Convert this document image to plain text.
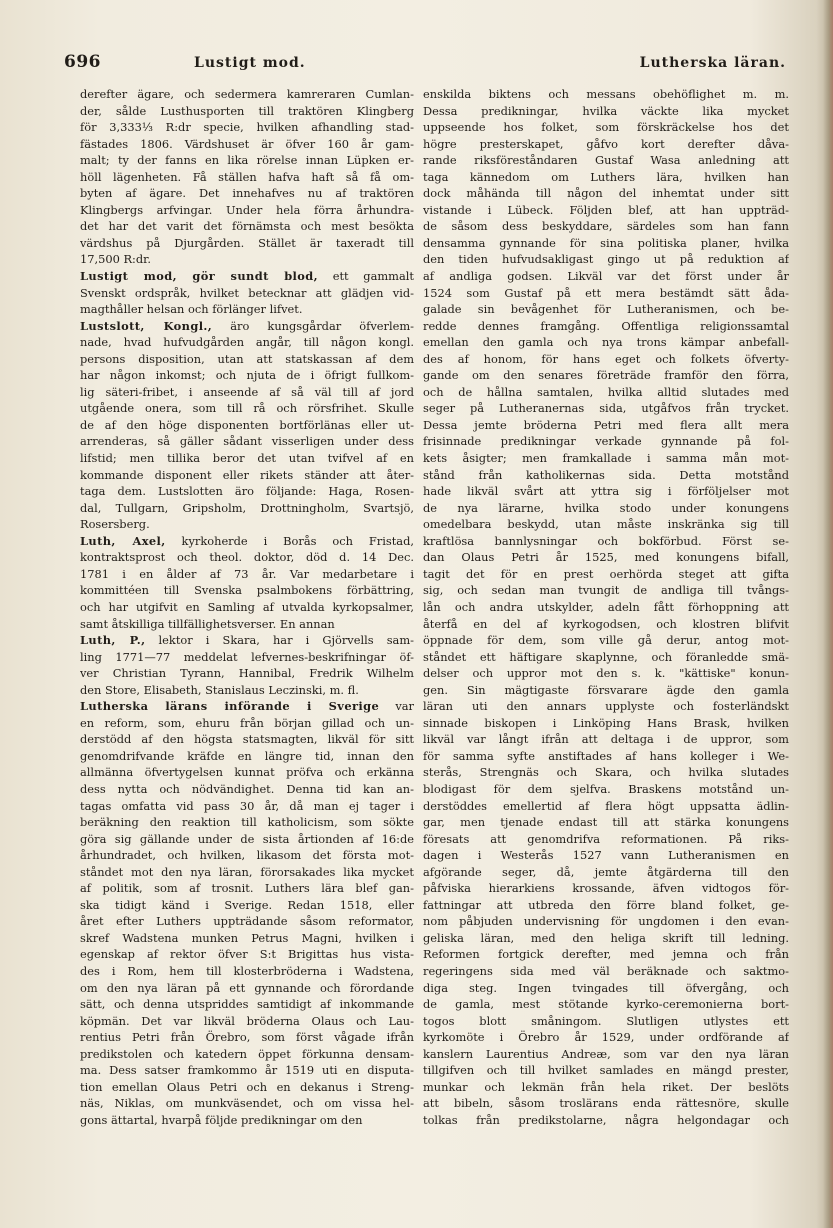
696	Lustigt mod.	Lutherska läran.
derefter ägare, och sedermera kamreraren Cumlan-
der, sålde Lusthusporten till traktören Klingberg
för 3,333⅓ R:dr specie, hvilken afhandling stad-
fästades 1806. Värdshuset är öfver 160 år gam-
malt; ty der fanns en lika rörelse innan Lüpken er-
höll lägenheten. Få ställen hafva haft så få om-
byten af ägare. Det innehafves nu af traktören
Klingbergs arfvingar. Under hela förra århundra-
det har det varit det förnämsta och mest besökta
värdshus på Djurgården. Stället är taxeradt till
17,500 R:dr.
Lustigt mod, gör sundt blod, ett gammalt
Svenskt ordspråk, hvilket betecknar att glädjen vid-
magthåller helsan och förlänger lifvet.
Lustslott, Kongl., äro kungsgårdar öfverlem-
nade, hvad hufvudgården angår, till någon kongl.
persons disposition, utan att statskassan af dem
har någon inkomst; och njuta de i öfrigt fullkom-
lig säteri-fribet, i anseende af så väl till af jord
utgående onera, som till rå och rörsfrihet. Skulle
de af den höge disponenten bortförlänas eller ut-
arrenderas, så gäller sådant visserligen under dess
lifstid; men tillika beror det utan tvifvel af en
kommande disponent eller rikets ständer att åter-
taga dem. Lustslotten äro följande: Haga, Rosen-
dal, Tullgarn, Gripsholm, Drottningholm, Svartsjö,
Rosersberg.
Luth, Axel, kyrkoherde i Borås och Fristad,
kontraktsprost och theol. doktor, död d. 14 Dec.
1781 i en ålder af 73 år. Var medarbetare i
kommittéen till Svenska psalmbokens förbättring,
och har utgifvit en Samling af utvalda kyrkopsalmer,
samt åtskilliga tillfällighetsverser. En annan
Luth, P., lektor i Skara, har i Gjörvells sam-
ling 1771—77 meddelat lefvernes-beskrifningar öf-
ver Christian Tyrann, Hannibal, Fredrik Wilhelm
den Store, Elisabeth, Stanislaus Leczinski, m. fl.
Lutherska lärans införande i Sverige var
en reform, som, ehuru från början gillad och un-
derstödd af den högsta statsmagten, likväl för sitt
genomdrifvande kräfde en längre tid, innan den
allmänna öfvertygelsen kunnat pröfva och erkänna
dess nytta och nödvändighet. Denna tid kan an-
tagas omfatta vid pass 30 år, då man ej tager i
beräkning den reaktion till katholicism, som sökte
göra sig gällande under de sista årtionden af 16:de
århundradet, och hvilken, likasom det första mot-
ståndet mot den nya läran, förorsakades lika mycket
af politik, som af trosnit. Luthers lära blef gan-
ska tidigt känd i Sverige. Redan 1518, eller
året efter Luthers uppträdande såsom reformator,
skref Wadstena munken Petrus Magni, hvilken i
egenskap af rektor öfver S:t Brigittas hus vista-
des i Rom, hem till klosterbröderna i Wadstena,
om den nya läran på ett gynnande och förordande
sätt, och denna utspriddes samtidigt af inkommande
köpmän. Det var likväl bröderna Olaus och Lau-
rentius Petri från Örebro, som först vågade ifrån
predikstolen och katedern öppet förkunna densam-
ma. Dess satser framkommo år 1519 uti en disputa-
tion emellan Olaus Petri och en dekanus i Streng-
näs, Niklas, om munkväsendet, och om vissa hel-
gons ättartal, hvarpå följde predikningar om den
enskilda biktens och messans obehöflighet m. m.
Dessa predikningar, hvilka väckte lika mycket
uppseende hos folket, som förskräckelse hos det
högre presterskapet, gåfvo kort derefter dåva-
rande riksföreståndaren Gustaf Wasa anledning att
taga kännedom om Luthers lära, hvilken han
dock måhända till någon del inhemtat under sitt
vistande i Lübeck. Följden blef, att han uppträd-
de såsom dess beskyddare, särdeles som han fann
densamma gynnande för sina politiska planer, hvilka
den tiden hufvudsakligast gingo ut på reduktion af
af andliga godsen. Likväl var det först under år
1524 som Gustaf på ett mera bestämdt sätt åda-
galade sin bevågenhet för Lutheranismen, och be-
redde dennes framgång. Offentliga religionssamtal
emellan den gamla och nya trons kämpar anbefall-
des af honom, för hans eget och folkets öfverty-
gande om den senares företräde framför den förra,
och de hållna samtalen, hvilka alltid slutades med
seger på Lutheranernas sida, utgåfvos från trycket.
Dessa jemte bröderna Petri med flera allt mera
frisinnade predikningar verkade gynnande på fol-
kets åsigter; men framkallade i samma mån mot-
stånd från katholikernas sida. Detta motstånd
hade likväl svårt att yttra sig i förföljelser mot
de nya lärarne, hvilka stodo under konungens
omedelbara beskydd, utan måste inskränka sig till
kraftlösa bannlysningar och bokförbud. Först se-
dan Olaus Petri år 1525, med konungens bifall,
tagit det för en prest oerhörda steget att gifta
sig, och sedan man tvungit de andliga till tvångs-
lån och andra utskylder, adeln fått förhoppning att
återfå en del af kyrkogodsen, och klostren blifvit
öppnade för dem, som ville gå derur, antog mot-
ståndet ett häftigare skaplynne, och föranledde smä-
delser och uppror mot den s. k. "kättiske" konun-
gen. Sin mägtigaste försvarare ägde den gamla
läran uti den annars upplyste och fosterländskt
sinnade biskopen i Linköping Hans Brask, hvilken
likväl var långt ifrån att deltaga i de uppror, som
för samma syfte anstiftades af hans kolleger i We-
sterås, Strengnäs och Skara, och hvilka slutades
blodigast för dem sjelfva. Braskens motstånd un-
derstöddes emellertid af flera högt uppsatta ädlin-
gar, men tjenade endast till att stärka konungens
föresats att genomdrifva reformationen. På riks-
dagen i Westerås 1527 vann Lutheranismen en
afgörande seger, då, jemte åtgärderna till den
påfviska hierarkiens krossande, äfven vidtogos för-
fattningar att utbreda den förre bland folket, ge-
nom påbjuden undervisning för ungdomen i den evan-
geliska läran, med den heliga skrift till ledning.
Reformen fortgick derefter, med jemna och från
regeringens sida med väl beräknade och saktmo-
diga steg. Ingen tvingades till öfvergång, och
de gamla, mest stötande kyrko-ceremonierna bort-
togos blott småningom. Slutligen utlystes ett
kyrkomöte i Örebro år 1529, under ordförande af
kanslern Laurentius Andreæ, som var den nya läran
tillgifven och till hvilket samlades en mängd prester,
munkar och lekmän från hela riket. Der beslöts
att bibeln, såsom troslärans enda rättesnöre, skulle
tolkas från predikstolarne, några helgondagar och
